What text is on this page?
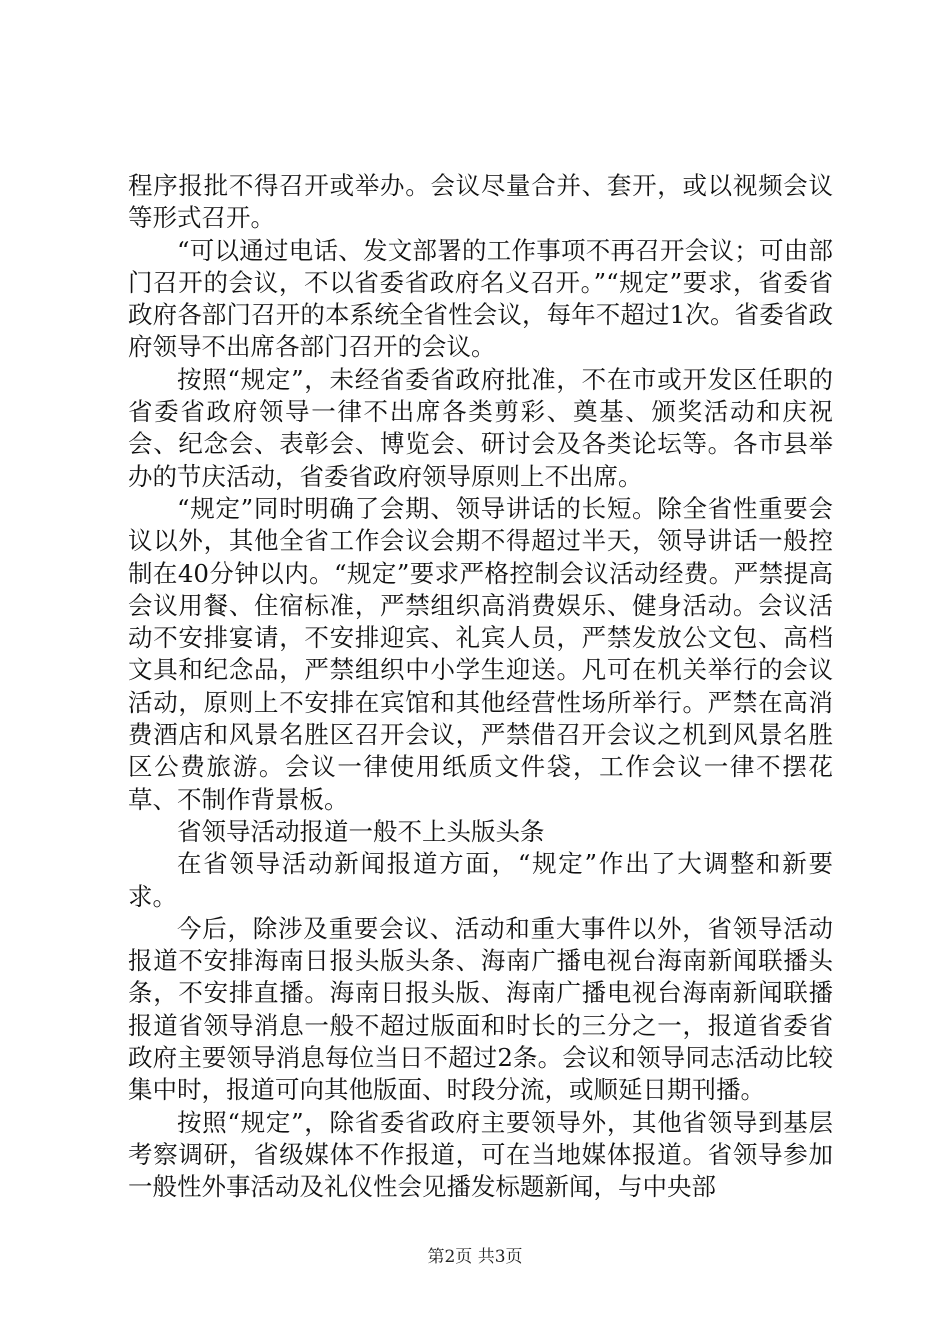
程序报批不得召开或举办。会议尽量合并、套开，或以视频会议等形式召开。

“可以通过电话、发文部署的工作事项不再召开会议；可由部门召开的会议，不以省委省政府名义召开。”“规定”要求，省委省政府各部门召开的本系统全省性会议，每年不超过1次。省委省政府领导不出席各部门召开的会议。

按照“规定”，未经省委省政府批准，不在市或开发区任职的省委省政府领导一律不出席各类剪彩、奠基、颁奖活动和庆祝会、纪念会、表彰会、博览会、研讨会及各类论坛等。各市县举办的节庆活动，省委省政府领导原则上不出席。

“规定”同时明确了会期、领导讲话的长短。除全省性重要会议以外，其他全省工作会议会期不得超过半天，领导讲话一般控制在40分钟以内。“规定”要求严格控制会议活动经费。严禁提高会议用餐、住宿标准，严禁组织高消费娱乐、健身活动。会议活动不安排宴请，不安排迎宾、礼宾人员，严禁发放公文包、高档文具和纪念品，严禁组织中小学生迎送。凡可在机关举行的会议活动，原则上不安排在宾馆和其他经营性场所举行。严禁在高消费酒店和风景名胜区召开会议，严禁借召开会议之机到风景名胜区公费旅游。会议一律使用纸质文件袋，工作会议一律不摆花草、不制作背景板。

省领导活动报道一般不上头版头条

在省领导活动新闻报道方面，“规定”作出了大调整和新要求。

今后，除涉及重要会议、活动和重大事件以外，省领导活动报道不安排海南日报头版头条、海南广播电视台海南新闻联播头条，不安排直播。海南日报头版、海南广播电视台海南新闻联播报道省领导消息一般不超过版面和时长的三分之一，报道省委省政府主要领导消息每位当日不超过2条。会议和领导同志活动比较集中时，报道可向其他版面、时段分流，或顺延日期刊播。

按照“规定”，除省委省政府主要领导外，其他省领导到基层考察调研，省级媒体不作报道，可在当地媒体报道。省领导参加一般性外事活动及礼仪性会见播发标题新闻，与中央部

第2页 共3页
